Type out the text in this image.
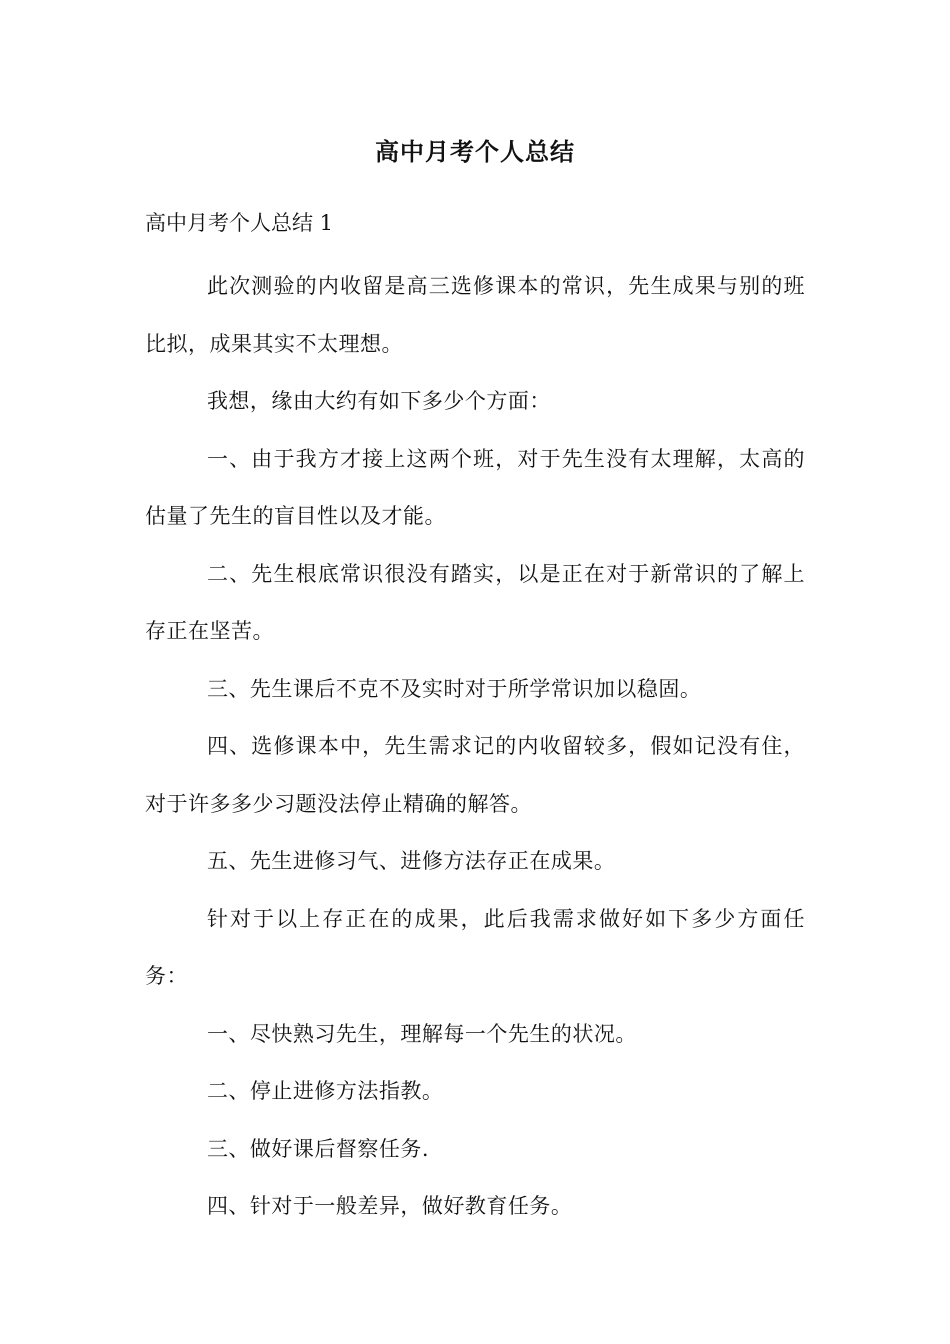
高中月考个人总结
高中月考个人总结 1

此次测验的内收留是高三选修课本的常识，先生成果与别的班比拟，成果其实不太理想。

我想，缘由大约有如下多少个方面：

一、由于我方才接上这两个班，对于先生没有太理解，太高的估量了先生的盲目性以及才能。

二、先生根底常识很没有踏实，以是正在对于新常识的了解上存正在坚苦。

三、先生课后不克不及实时对于所学常识加以稳固。

四、选修课本中，先生需求记的内收留较多，假如记没有住，对于许多多少习题没法停止精确的解答。

五、先生进修习气、进修方法存正在成果。

针对于以上存正在的成果，此后我需求做好如下多少方面任务：

一、尽快熟习先生，理解每一个先生的状况。

二、停止进修方法指教。

三、做好课后督察任务.

四、针对于一般差异，做好教育任务。
